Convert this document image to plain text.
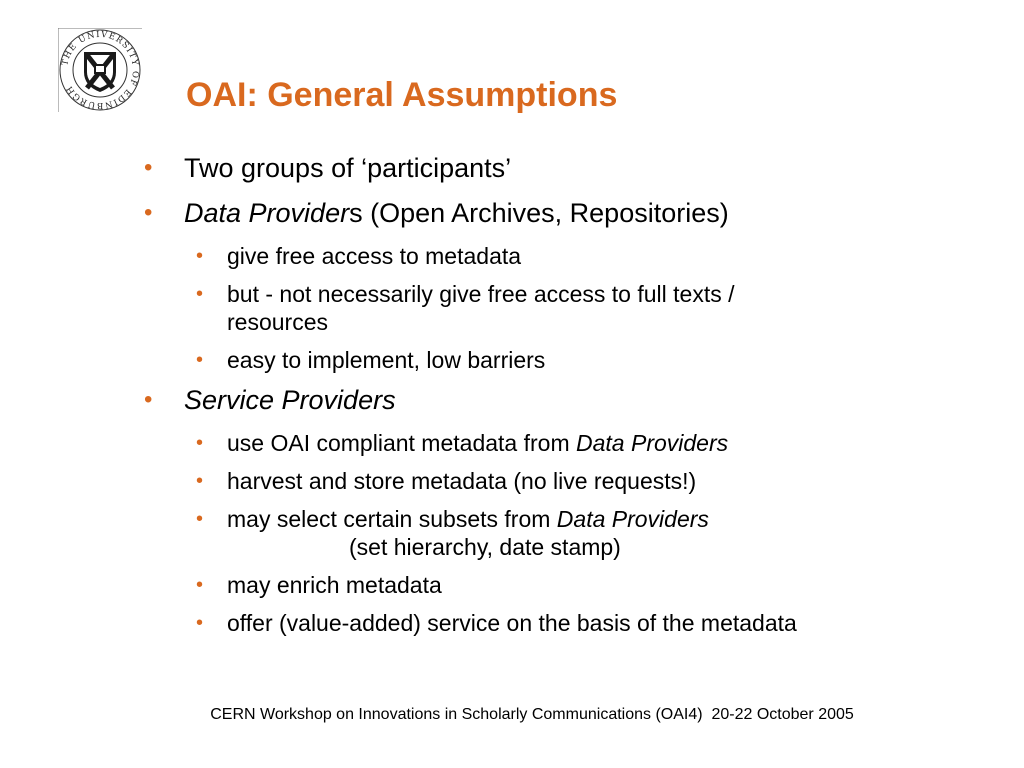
THE UNIVERSITY OF EDINBURGH	OAI: General Assumptions
• Two groups of ‘participants’
• Data Providers (Open Archives, Repositories)
• give free access to metadata
• but - not necessarily give free access to full texts /
resources
• easy to implement, low barriers
• Service Providers
• use OAI compliant metadata from Data Providers
• harvest and store metadata (no live requests!)
• may select certain subsets from Data Providers
(set hierarchy, date stamp)
• may enrich metadata
• offer (value-added) service on the basis of the metadata
CERN Workshop on Innovations in Scholarly Communications (OAI4)  20-22 October 2005
